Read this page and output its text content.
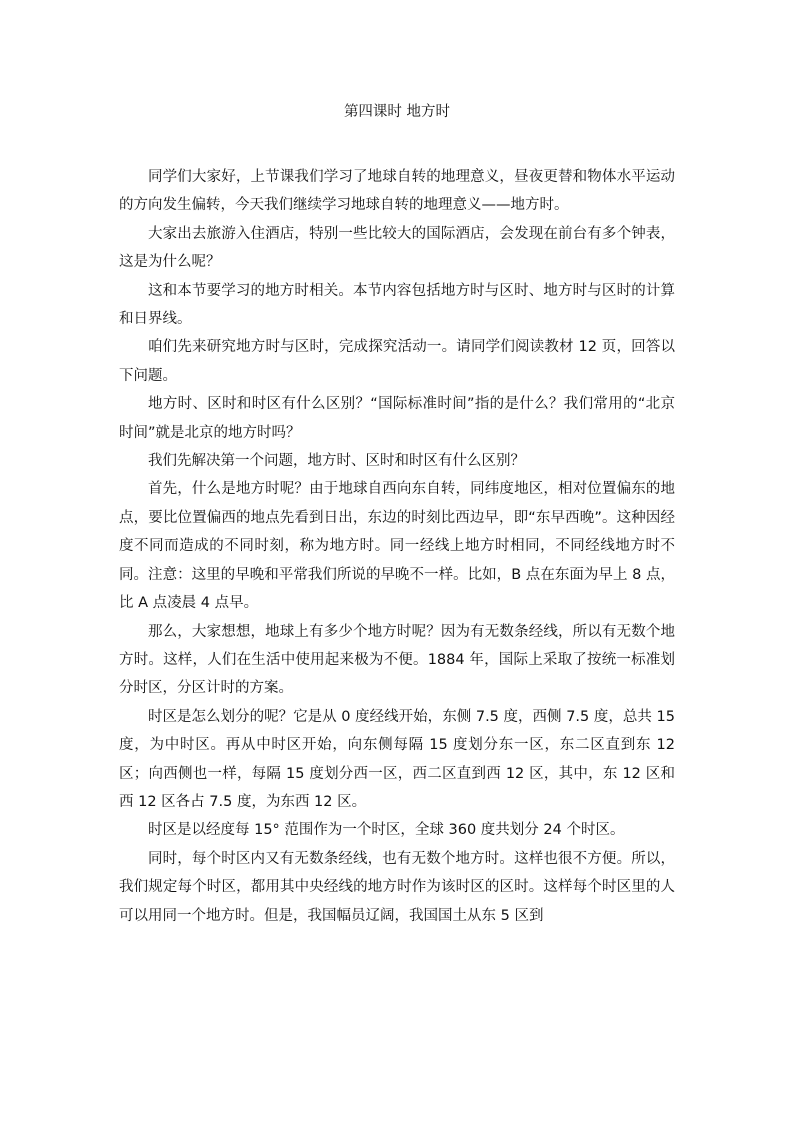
第四课时 地方时

同学们大家好，上节课我们学习了地球自转的地理意义，昼夜更替和物体水平运动的方向发生偏转，今天我们继续学习地球自转的地理意义——地方时。

大家出去旅游入住酒店，特别一些比较大的国际酒店，会发现在前台有多个钟表，这是为什么呢？

这和本节要学习的地方时相关。本节内容包括地方时与区时、地方时与区时的计算和日界线。

咱们先来研究地方时与区时，完成探究活动一。请同学们阅读教材 12 页，回答以下问题。

地方时、区时和时区有什么区别？“国际标准时间”指的是什么？我们常用的“北京时间”就是北京的地方时吗？

我们先解决第一个问题，地方时、区时和时区有什么区别？

首先，什么是地方时呢？由于地球自西向东自转，同纬度地区，相对位置偏东的地点，要比位置偏西的地点先看到日出，东边的时刻比西边早，即“东早西晚”。这种因经度不同而造成的不同时刻，称为地方时。同一经线上地方时相同，不同经线地方时不同。注意：这里的早晚和平常我们所说的早晚不一样。比如，B 点在东面为早上 8 点，比 A 点凌晨 4 点早。

那么，大家想想，地球上有多少个地方时呢？因为有无数条经线，所以有无数个地方时。这样，人们在生活中使用起来极为不便。1884 年，国际上采取了按统一标准划分时区，分区计时的方案。

时区是怎么划分的呢？它是从 0 度经线开始，东侧 7.5 度，西侧 7.5 度，总共 15 度，为中时区。再从中时区开始，向东侧每隔 15 度划分东一区，东二区直到东 12 区；向西侧也一样，每隔 15 度划分西一区，西二区直到西 12 区，其中，东 12 区和西 12 区各占 7.5 度，为东西 12 区。

时区是以经度每 15° 范围作为一个时区，全球 360 度共划分 24 个时区。

同时，每个时区内又有无数条经线，也有无数个地方时。这样也很不方便。所以，我们规定每个时区，都用其中央经线的地方时作为该时区的区时。这样每个时区里的人可以用同一个地方时。但是，我国幅员辽阔，我国国土从东 5 区到
